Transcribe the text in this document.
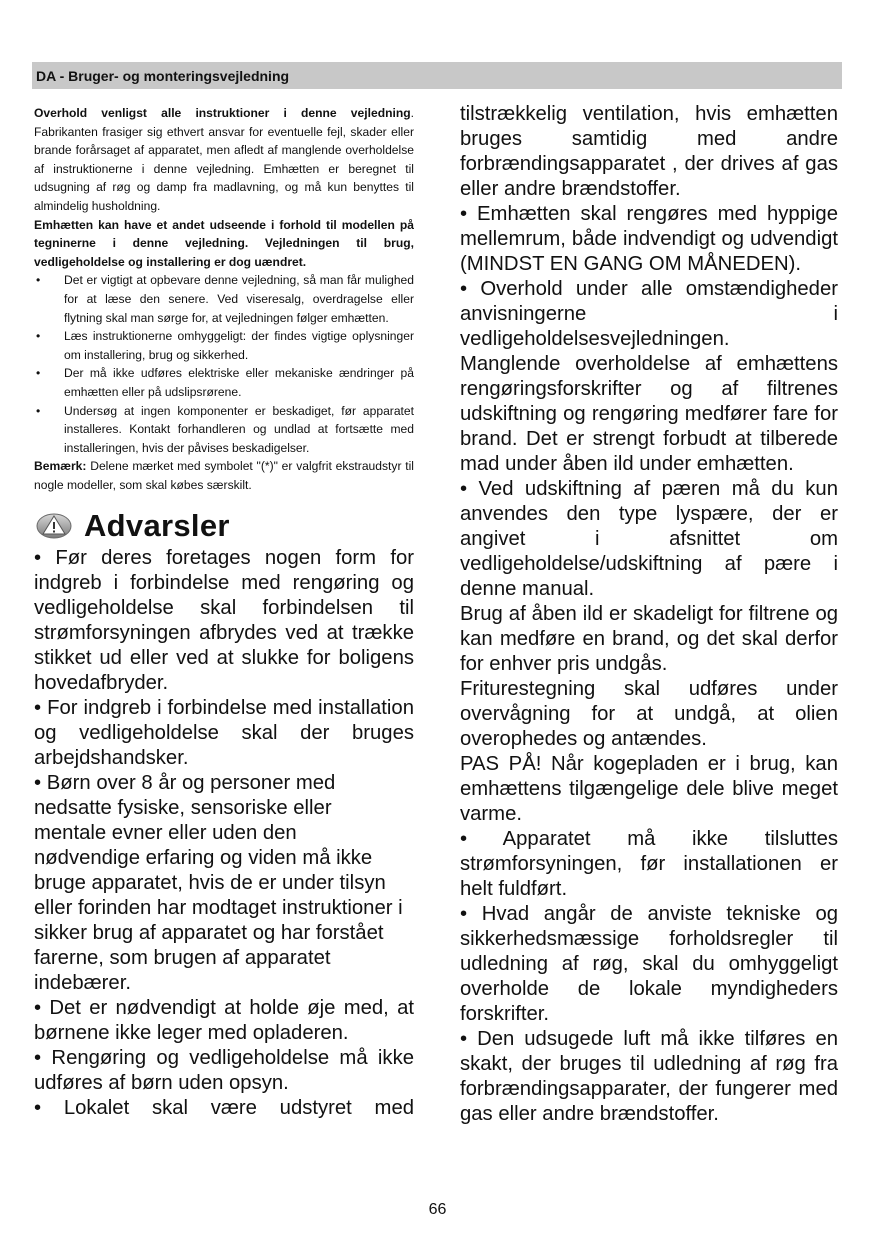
DA - Bruger- og monteringsvejledning

Overhold venligst alle instruktioner i denne vejledning. Fabrikanten frasiger sig ethvert ansvar for eventuelle fejl, skader eller brande forårsaget af apparatet, men afledt af manglende overholdelse af instruktionerne i denne vejledning. Emhætten er beregnet til udsugning af røg og damp fra madlavning, og må kun benyttes til almindelig husholdning.

Emhætten kan have et andet udseende i forhold til modellen på tegninerne i denne vejledning. Vejledningen til brug, vedligeholdelse og installering er dog uændret.

• Det er vigtigt at opbevare denne vejledning, så man får mulighed for at læse den senere. Ved viseresalg, overdragelse eller flytning skal man sørge for, at vejledningen følger emhætten.
• Læs instruktionerne omhyggeligt: der findes vigtige oplysninger om installering, brug og sikkerhed.
• Der må ikke udføres elektriske eller mekaniske ændringer på emhætten eller på udslipsrørene.
• Undersøg at ingen komponenter er beskadiget, før apparatet installeres. Kontakt forhandleren og undlad at fortsætte med installeringen, hvis der påvises beskadigelser.

Bemærk: Delene mærket med symbolet "(*)" er valgfrit ekstraudstyr til nogle modeller, som skal købes særskilt.

Advarsler

• Før deres foretages nogen form for indgreb i forbindelse med rengøring og vedligeholdelse skal forbindelsen til strømforsyningen afbrydes ved at trække stikket ud eller ved at slukke for boligens hovedafbryder.

• For indgreb i forbindelse med installation og vedligeholdelse skal der bruges arbejdshandsker.

• Børn over 8 år og personer med
nedsatte fysiske, sensoriske eller
mentale evner eller uden den
nødvendige erfaring og viden må ikke
bruge apparatet, hvis de er under tilsyn
eller forinden har modtaget instruktioner i
sikker brug af apparatet og har forstået
farerne, som brugen af apparatet
indebærer.

• Det er nødvendigt at holde øje med, at børnene ikke leger med opladeren.

• Rengøring og vedligeholdelse må ikke udføres af børn uden opsyn.

• Lokalet skal være udstyret med

tilstrækkelig ventilation, hvis emhætten bruges samtidig med andre forbrændingsapparatet , der drives af gas eller andre brændstoffer.

• Emhætten skal rengøres med hyppige mellemrum, både indvendigt og udvendigt (MINDST EN GANG OM MÅNEDEN).

• Overhold under alle omstændigheder anvisningerne i vedligeholdelsesvejledningen.

Manglende overholdelse af emhættens rengøringsforskrifter og af filtrenes udskiftning og rengøring medfører fare for brand. Det er strengt forbudt at tilberede mad under åben ild under emhætten.

• Ved udskiftning af pæren må du kun anvendes den type lyspære, der er angivet i afsnittet om vedligeholdelse/udskiftning af pære i denne manual.

Brug af åben ild er skadeligt for filtrene og kan medføre en brand, og det skal derfor for enhver pris undgås.

Friturestegning skal udføres under overvågning for at undgå, at olien overophedes og antændes.

PAS PÅ! Når kogepladen er i brug, kan emhættens tilgængelige dele blive meget varme.

• Apparatet må ikke tilsluttes strømforsyningen, før installationen er helt fuldført.

• Hvad angår de anviste tekniske og sikkerhedsmæssige forholdsregler til udledning af røg, skal du omhyggeligt overholde de lokale myndigheders forskrifter.

• Den udsugede luft må ikke tilføres en skakt, der bruges til udledning af røg fra forbrændingsapparater, der fungerer med gas eller andre brændstoffer.

66
